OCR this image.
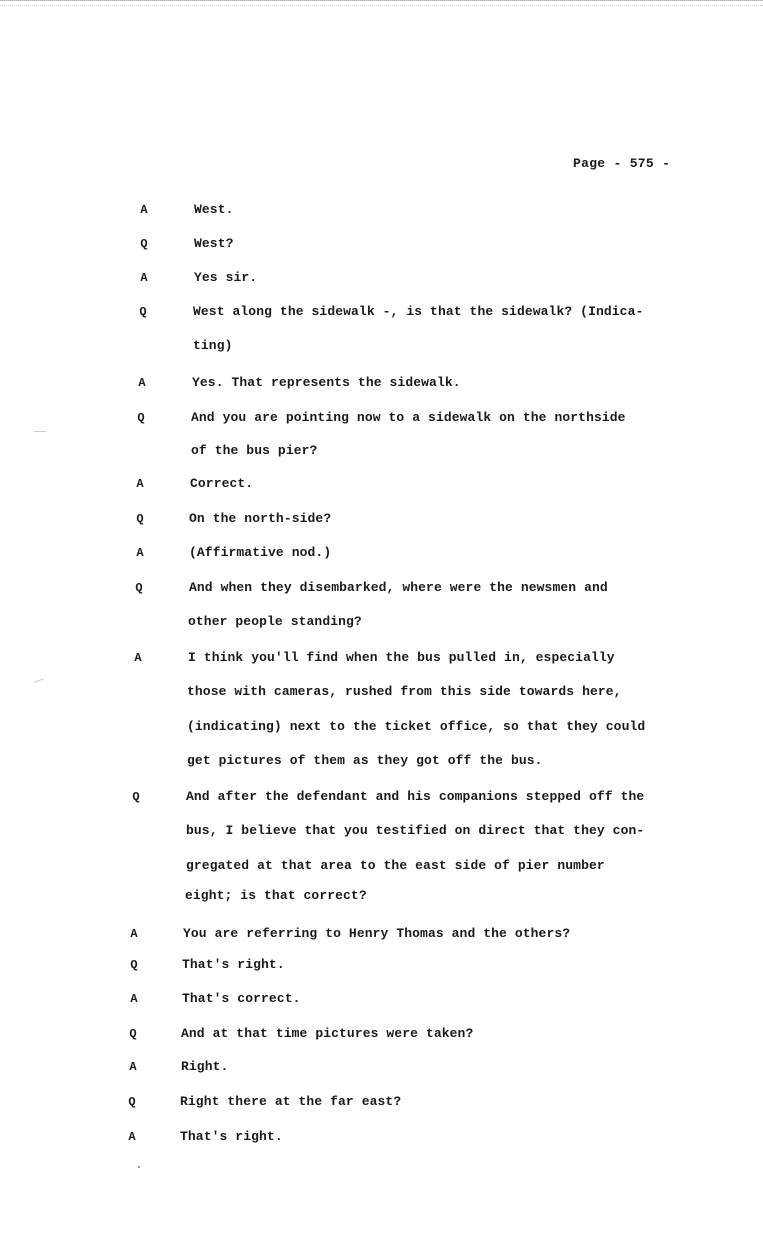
Page - 575 -
A	West.
Q	West?
A	Yes sir.
Q	West along the sidewalk -, is that the sidewalk? (Indica-
ting)
A	Yes. That represents the sidewalk.
Q	And you are pointing now to a sidewalk on the northside
of the bus pier?
A	Correct.
Q	On the north-side?
A	(Affirmative nod.)
Q	And when they disembarked, where were the newsmen and
other people standing?
A	I think you'll find when the bus pulled in, especially
those with cameras, rushed from this side towards here,
(indicating) next to the ticket office, so that they could
get pictures of them as they got off the bus.
Q	And after the defendant and his companions stepped off the
bus, I believe that you testified on direct that they con-
gregated at that area to the east side of pier number
eight; is that correct?
A	You are referring to Henry Thomas and the others?
Q	That's right.
A	That's correct.
Q	And at that time pictures were taken?
A	Right.
Q	Right there at the far east?
A	That's right.
